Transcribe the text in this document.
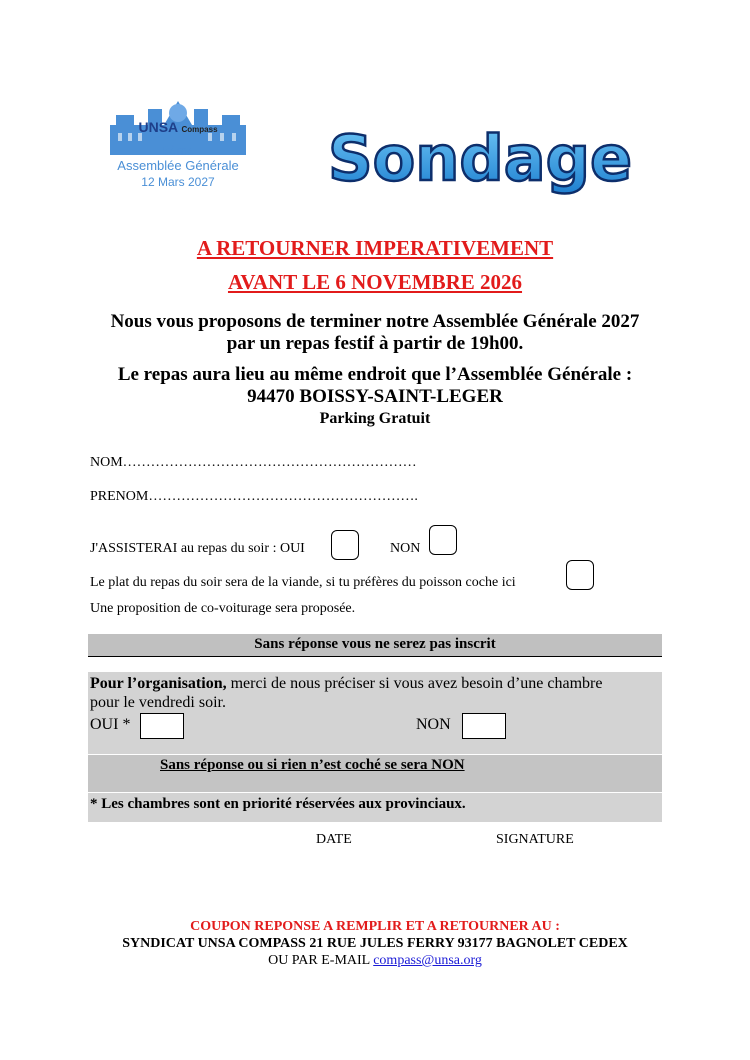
UNSA Compass
8ème
Assemblée Générale
12 Mars 2027	Sondage
A RETOURNER IMPERATIVEMENT
AVANT LE 6 NOVEMBRE 2026
Nous vous proposons de terminer notre Assemblée Générale 2027
par un repas festif à partir de 19h00.
Le repas aura lieu au même endroit que l’Assemblée Générale :
94470 BOISSY-SAINT-LEGER
Parking Gratuit
NOM………………………………………………………
PRENOM………………………………………………….
J'ASSISTERAI au repas du soir : OUI	NON
Le plat du repas du soir sera de la viande, si tu préfères du poisson coche ici
Une proposition de co-voiturage sera proposée.
Sans réponse vous ne serez pas inscrit
Pour l’organisation, merci de nous préciser si vous avez besoin d’une chambre
pour le vendredi soir.
OUI *	NON
Sans réponse ou si rien n’est coché se sera NON
* Les chambres sont en priorité réservées aux provinciaux.
DATE	SIGNATURE
COUPON REPONSE A REMPLIR ET A RETOURNER AU :
SYNDICAT UNSA COMPASS 21 RUE JULES FERRY 93177 BAGNOLET CEDEX
OU PAR E-MAIL compass@unsa.org
